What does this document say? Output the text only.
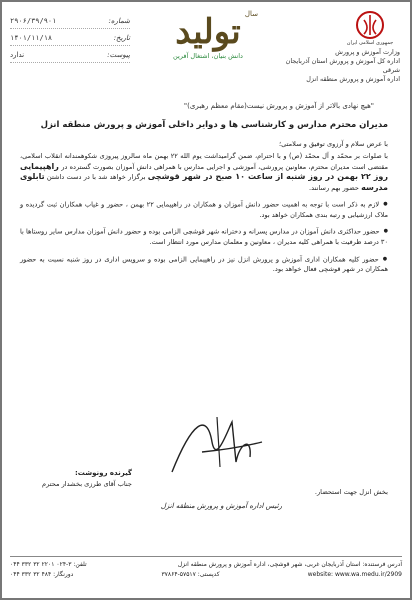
جمهوری اسلامی ایران
وزارت آموزش و پرورش
اداره کل آموزش و پرورش استان آذربایجان شرقی
اداره آموزش و پرورش منطقه انزل
سال
تولید
دانش بنیان، اشتغال آفرین
شماره:
۲۹۰۶/۳۹/۹۰۱
تاریخ:
۱۴۰۱/۱۱/۱۸
پیوست:
ندارد
"هیچ نهادی بالاتر از آموزش و پرورش نیست(مقام معظم رهبری)"
مدیران محترم مدارس و کارشناسی ها و دوایر داخلی آموزش و پرورش منطقه انزل
با عرض سلام و آرزوی توفیق و سلامتی؛
با صلوات بر محمّد و آل محمّد (ص) و با احترام، ضمن گرامیداشت یوم الله ۲۲ بهمن ماه سالروز پیروزی شکوهمندانه انقلاب اسلامی، مقتضی است مدیران محترم، معاونین پرورشی، آموزشی و اجرایی مدارس با همراهی دانش آموزان بصورت گسترده در راهپیمایی روز ۲۲ بهمن در روز شنبه از ساعت ۱۰ صبح در شهر قوشچی برگزار خواهد شد با در دست داشتن تابلوی مدرسه حضور بهم رسانند.
● لازم به ذکر است با توجه به اهمیت حضور دانش آموزان و همکاران در راهپیمایی ۲۲ بهمن ، حضور و غیاب همکاران ثبت گردیده و ملاک ارزشیابی و رتبه بندی همکاران خواهد بود.
● حضور حداکثری دانش آموزان در مدارس پسرانه و دخترانه شهر قوشچی الزامی بوده و حضور دانش آموزان مدارس سایر روستاها با ۳۰ درصد ظرفیت با همراهی کلیه مدیران ، معاونین و معلمان مدارس مورد انتظار است.
● حضور کلیه همکاران اداری آموزش و پرورش انزل نیز در راهپیمایی الزامی بوده و سرویس اداری در روز شنبه نسبت به حضور همکاران در شهر قوشچی فعال خواهد بود.
رئیس اداره آموزش و پرورش منطقه انزل
گیرنده رونوشت:
جناب آقای طرزی بخشدار محترم
بخش انزل جهت استحضار.
آدرس فرستنده: استان آذربایجان غربی، شهر قوشچی، اداره آموزش و پرورش منطقه انزل
تلفن: ۳-۰۲۴ ۲۲۰۱ ۳۲ ۳۳۲ ۰۴۴
website: www.wa.medu.ir/2909
کدپستی: ۵۷۵۱۷-۳۷۸۶۴
دورنگار: ۴۸۴ ۳۲ ۳۳۲ ۰۴۴
